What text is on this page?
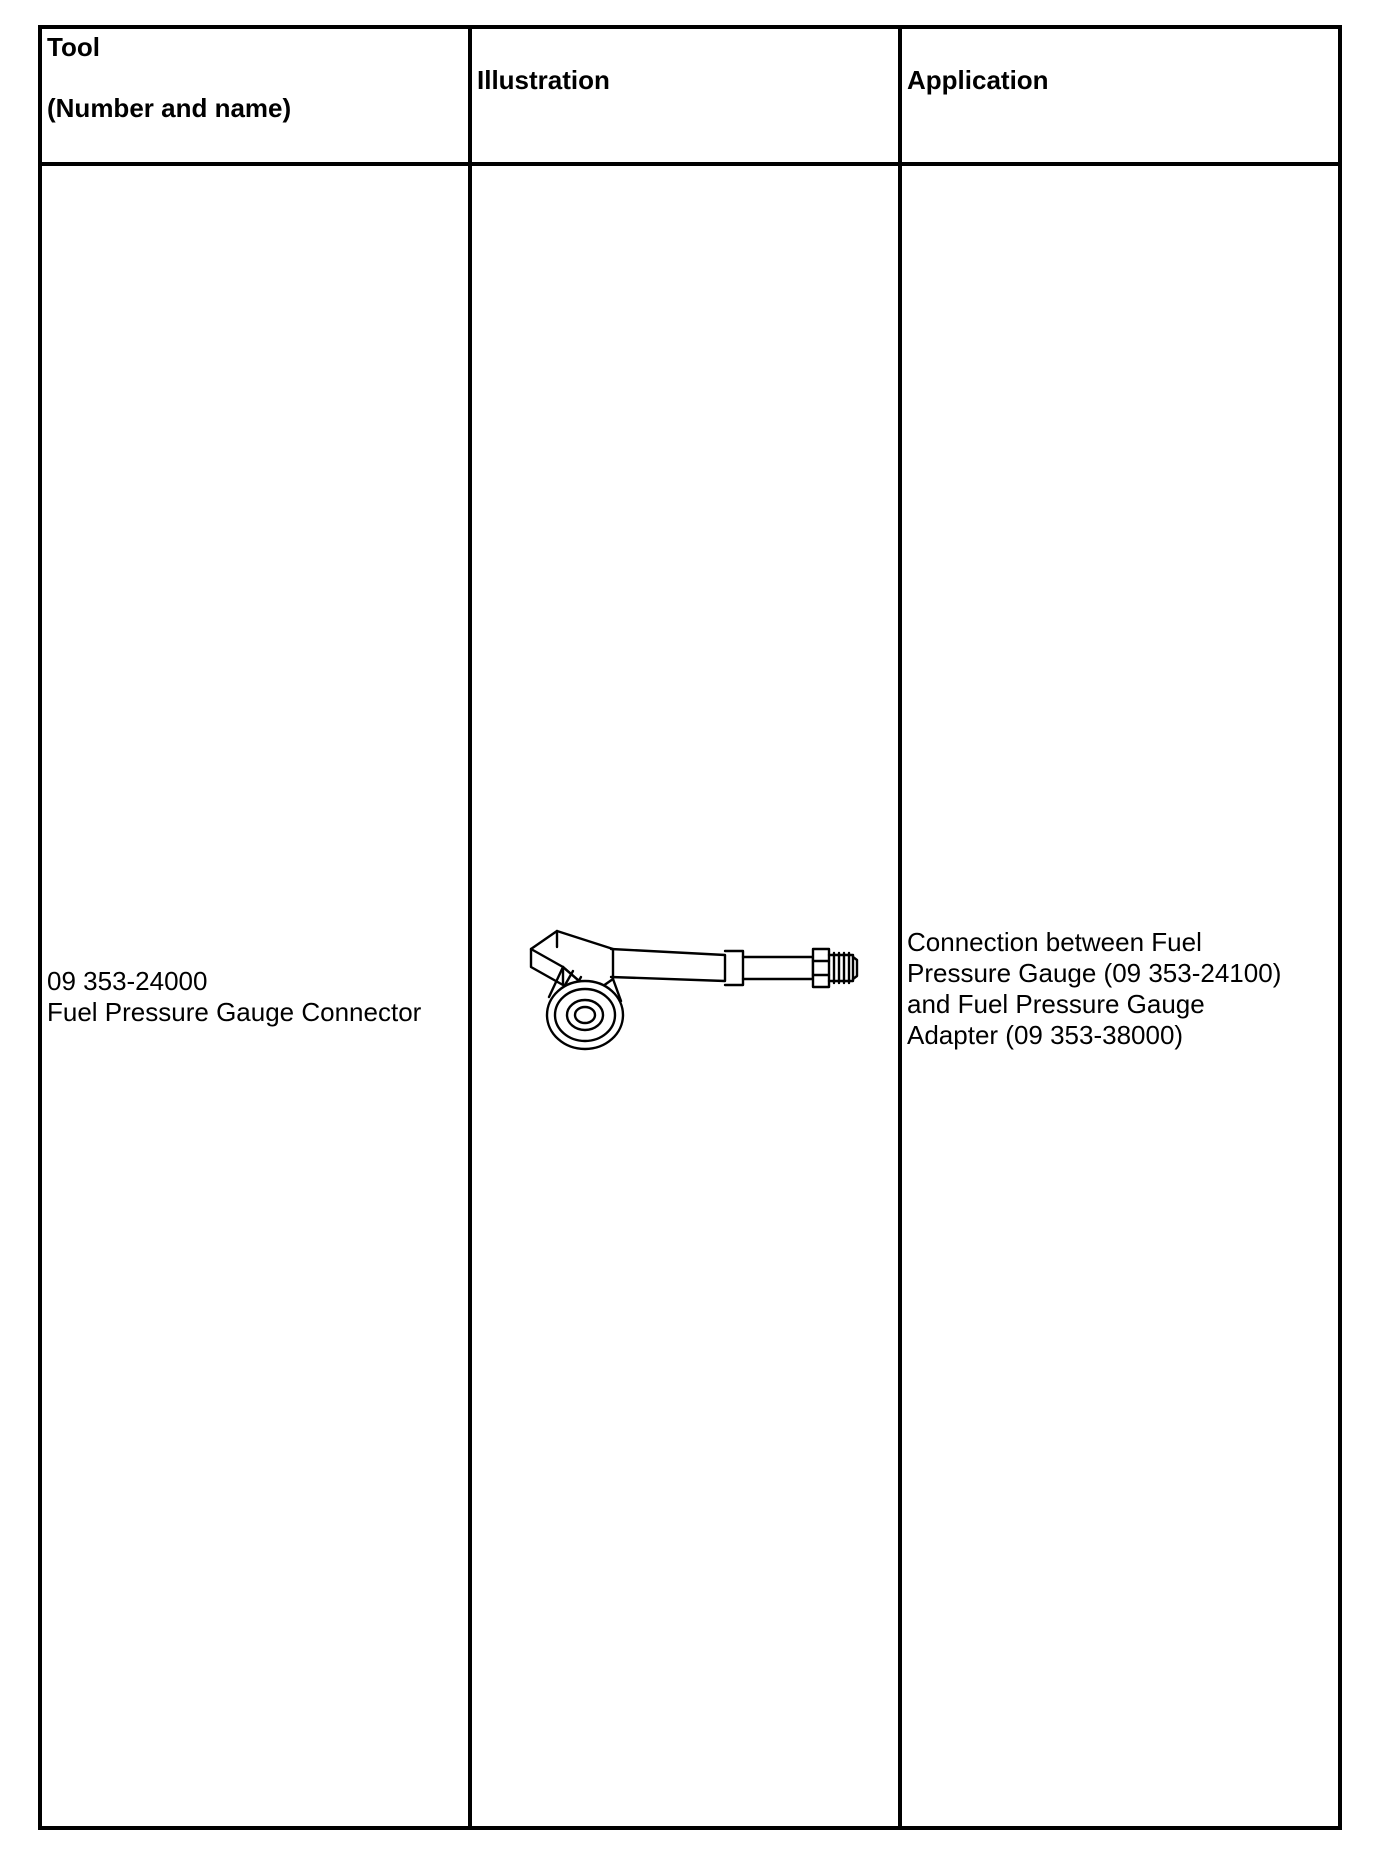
Tool
(Number and name)	Illustration	Application

09 353-24000
Fuel Pressure Gauge Connector		Connection between Fuel
Pressure Gauge (09 353-24100)
and Fuel Pressure Gauge
Adapter (09 353-38000)
